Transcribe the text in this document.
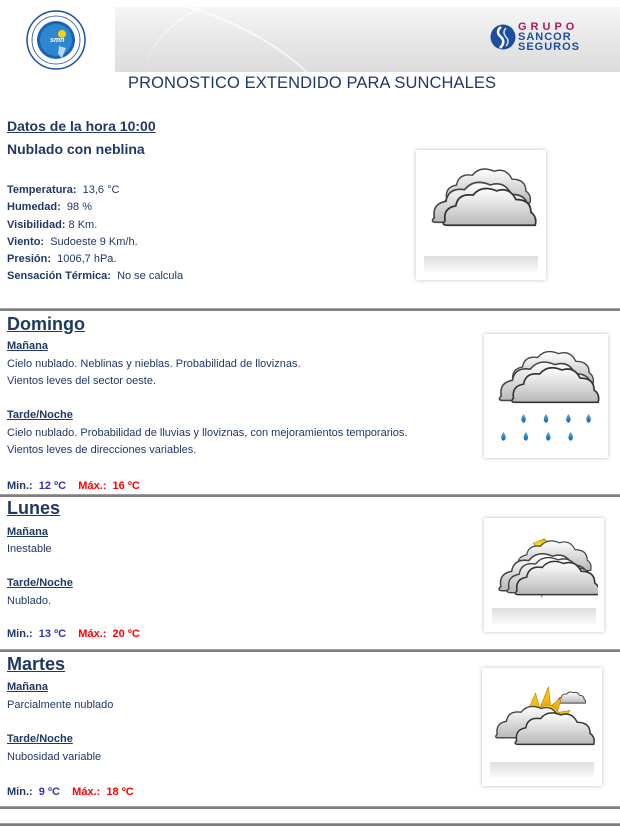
smn
GRUPO
SANCOR
SEGUROS
PRONOSTICO EXTENDIDO PARA SUNCHALES
Datos de la hora 10:00
Nublado con neblina
Temperatura: 13,6 °C
Humedad: 98 %
Visibilidad: 8 Km.
Viento: Sudoeste 9 Km/h.
Presión: 1006,7 hPa.
Sensación Térmica: No se calcula
Domingo
Mañana
Cielo nublado. Neblinas y nieblas. Probabilidad de lloviznas.
Vientos leves del sector oeste.
Tarde/Noche
Cielo nublado. Probabilidad de lluvias y lloviznas, con mejoramientos temporarios.
Vientos leves de direcciones variables.
Min.: 12 ºC Máx.: 16 ºC
Lunes
Mañana
Inestable
Tarde/Noche
Nublado.
Min.: 13 ºC Máx.: 20 ºC
Martes
Mañana
Parcialmente nublado
Tarde/Noche
Nubosidad variable
Min.: 9 ºC Máx.: 18 ºC
